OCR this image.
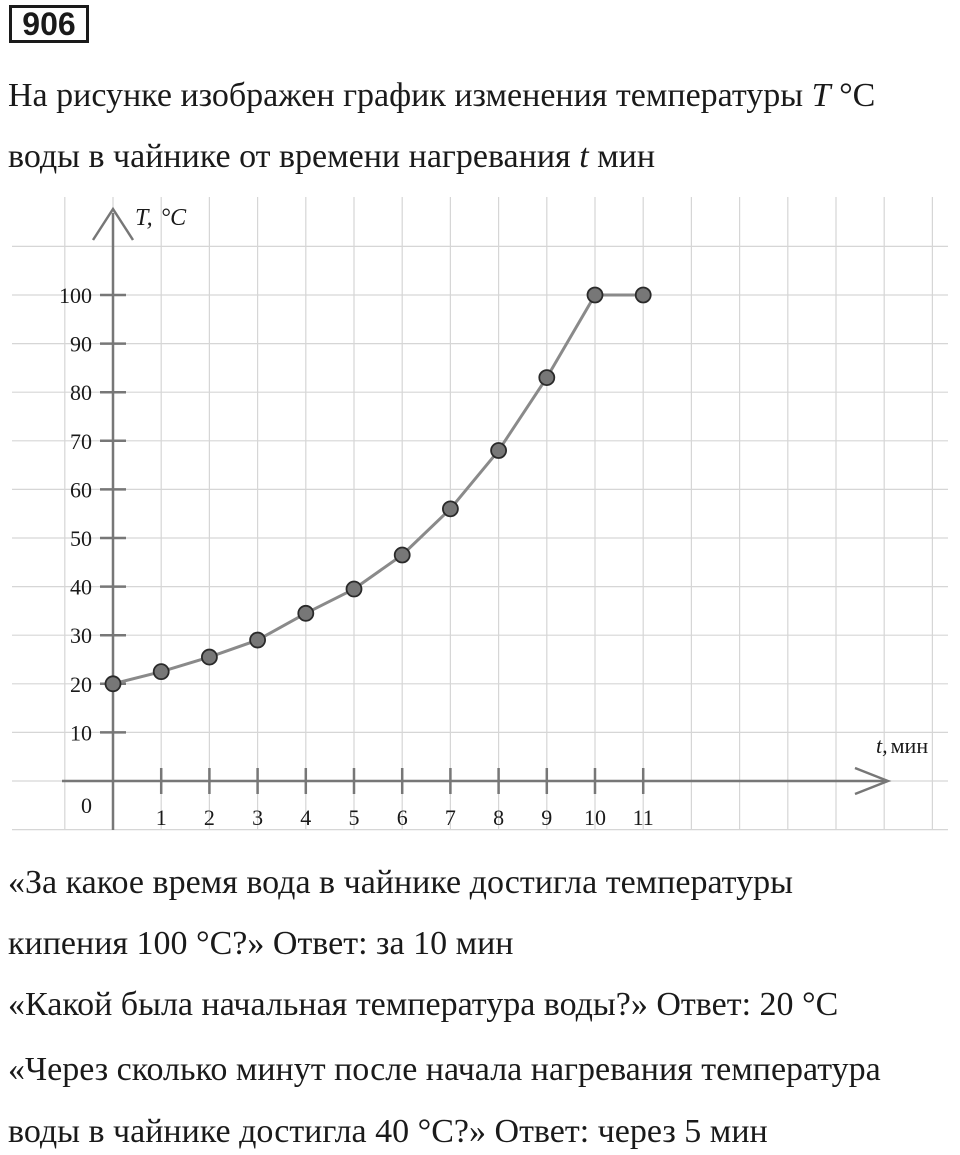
906
На рисунке изображен график изменения температуры T °C
воды в чайнике от времени нагревания t мин
1 2 3 4 5 6 7 8 9 10 11
10
20
30
40
50
60
70
80
90
100
T, °C
t, мин
0
«За какое время вода в чайнике достигла температуры
кипения 100 °С?» Ответ: за 10 мин
«Какой была начальная температура воды?» Ответ: 20 °С
«Через сколько минут после начала нагревания температура
воды в чайнике достигла 40 °С?» Ответ: через 5 мин
